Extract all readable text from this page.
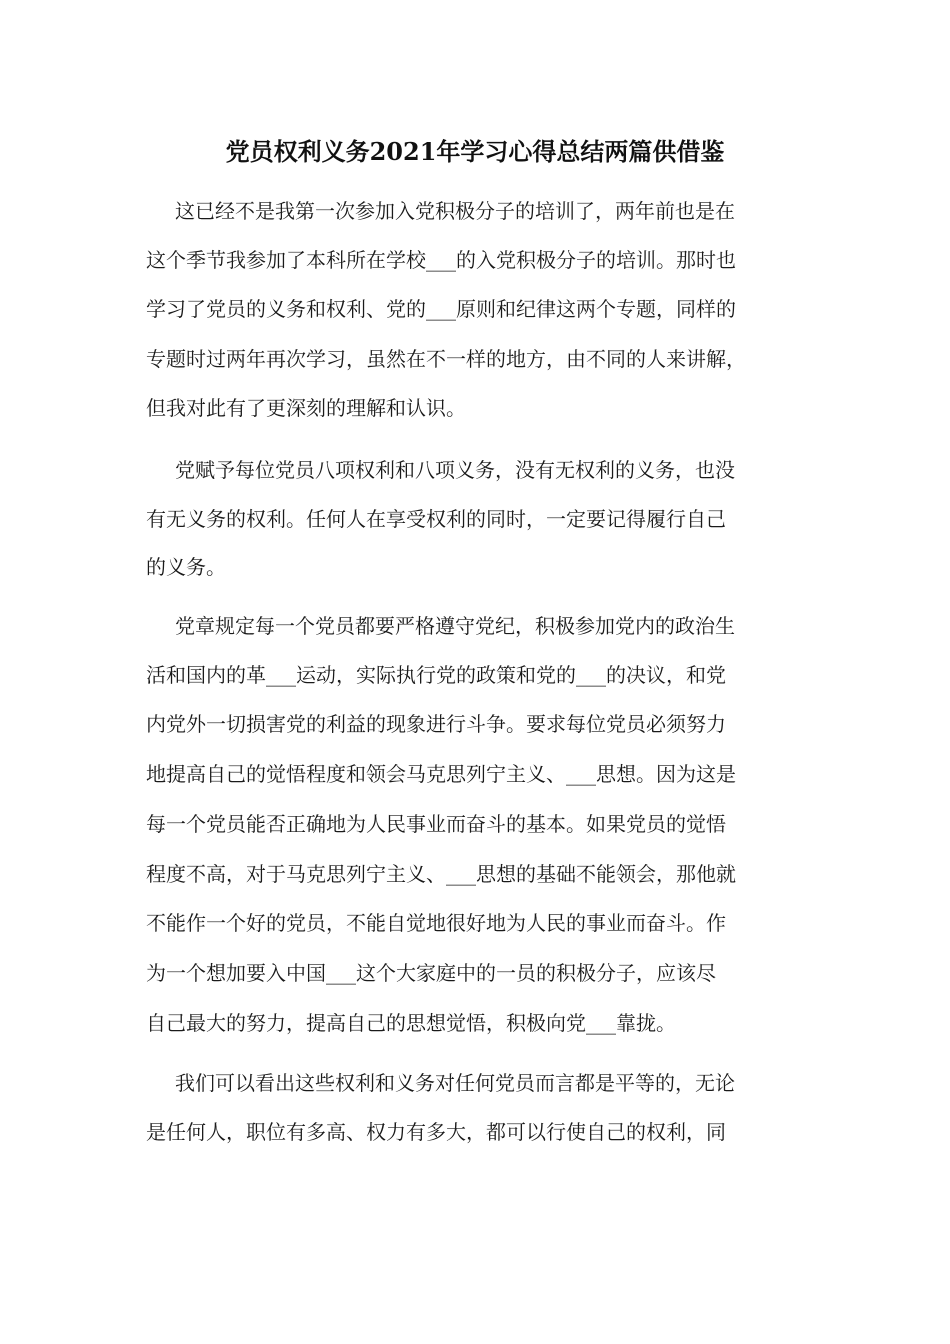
党员权利义务2021年学习心得总结两篇供借鉴

这已经不是我第一次参加入党积极分子的培训了，两年前也是在

这个季节我参加了本科所在学校___的入党积极分子的培训。那时也

学习了党员的义务和权利、党的___原则和纪律这两个专题，同样的

专题时过两年再次学习，虽然在不一样的地方，由不同的人来讲解，

但我对此有了更深刻的理解和认识。

党赋予每位党员八项权利和八项义务，没有无权利的义务，也没

有无义务的权利。任何人在享受权利的同时，一定要记得履行自己

的义务。

党章规定每一个党员都要严格遵守党纪，积极参加党内的政治生

活和国内的革___运动，实际执行党的政策和党的___的决议，和党

内党外一切损害党的利益的现象进行斗争。要求每位党员必须努力

地提高自己的觉悟程度和领会马克思列宁主义、___思想。因为这是

每一个党员能否正确地为人民事业而奋斗的基本。如果党员的觉悟

程度不高，对于马克思列宁主义、___思想的基础不能领会，那他就

不能作一个好的党员，不能自觉地很好地为人民的事业而奋斗。作

为一个想加要入中国___这个大家庭中的一员的积极分子，应该尽

自己最大的努力，提高自己的思想觉悟，积极向党___靠拢。

我们可以看出这些权利和义务对任何党员而言都是平等的，无论

是任何人，职位有多高、权力有多大，都可以行使自己的权利，同
